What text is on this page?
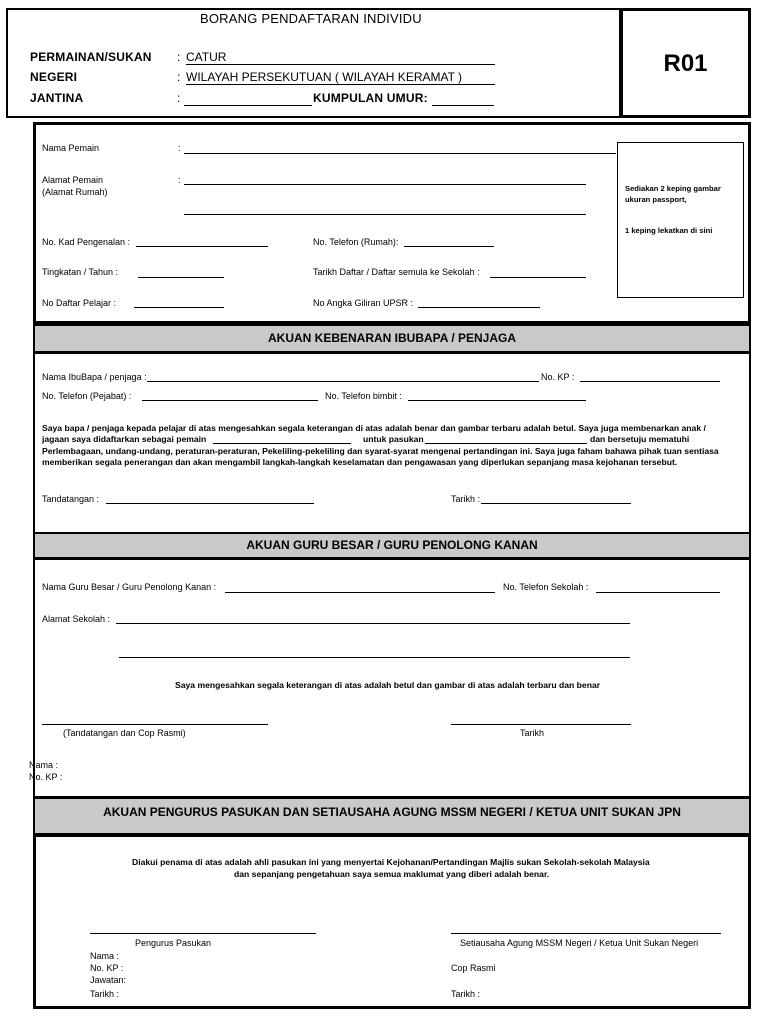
R01
BORANG PENDAFTARAN INDIVIDU
PERMAINAN/SUKAN : CATUR
NEGERI	: WILAYAH PERSEKUTUAN ( WILAYAH KERAMAT )
JANTINA	:	KUMPULAN UMUR:
Nama Pemain	:
Alamat Pemain
(Alamat Rumah)
:
Sediakan 2 keping gambar
ukuran passport,
1 keping lekatkan di sini
No. Kad Pengenalan :	No. Telefon (Rumah):
Tingkatan / Tahun :	Tarikh Daftar / Daftar semula ke Sekolah :
No Daftar Pelajar :	No Angka Giliran UPSR :
AKUAN KEBENARAN IBUBAPA / PENJAGA
Nama IbuBapa / penjaga :	No. KP :
No. Telefon (Pejabat) :	No. Telefon bimbit :
Saya bapa / penjaga kepada pelajar di atas mengesahkan segala keterangan di atas adalah benar dan gambar terbaru adalah betul. Saya juga membenarkan anak /
jagaan saya didaftarkan sebagai pemain	untuk pasukan	dan bersetuju mematuhi
Perlembagaan, undang-undang, peraturan-peraturan, Pekeliling-pekeliling dan syarat-syarat mengenai pertandingan ini. Saya juga faham bahawa pihak tuan sentiasa
memberikan segala penerangan dan akan mengambil langkah-langkah keselamatan dan pengawasan yang diperlukan sepanjang masa kejohanan tersebut.
Tandatangan :	Tarikh :
AKUAN GURU BESAR / GURU PENOLONG KANAN
Nama Guru Besar / Guru Penolong Kanan :	No. Telefon Sekolah :
Alamat Sekolah :
Saya mengesahkan segala keterangan di atas adalah betul dan gambar di atas adalah terbaru dan benar
(Tandatangan dan Cop Rasmi)	Tarikh
Nama :
No. KP :
AKUAN PENGURUS PASUKAN DAN SETIAUSAHA AGUNG MSSM NEGERI / KETUA UNIT SUKAN JPN
Diakui penama di atas adalah ahli pasukan ini yang menyertai Kejohanan/Pertandingan Majlis sukan Sekolah-sekolah Malaysia
dan sepanjang pengetahuan saya semua maklumat yang diberi adalah benar.
Pengurus Pasukan
Nama :
No. KP :
Jawatan:
Tarikh :
Setiausaha Agung MSSM Negeri / Ketua Unit Sukan Negeri
Cop Rasmi
Tarikh :
